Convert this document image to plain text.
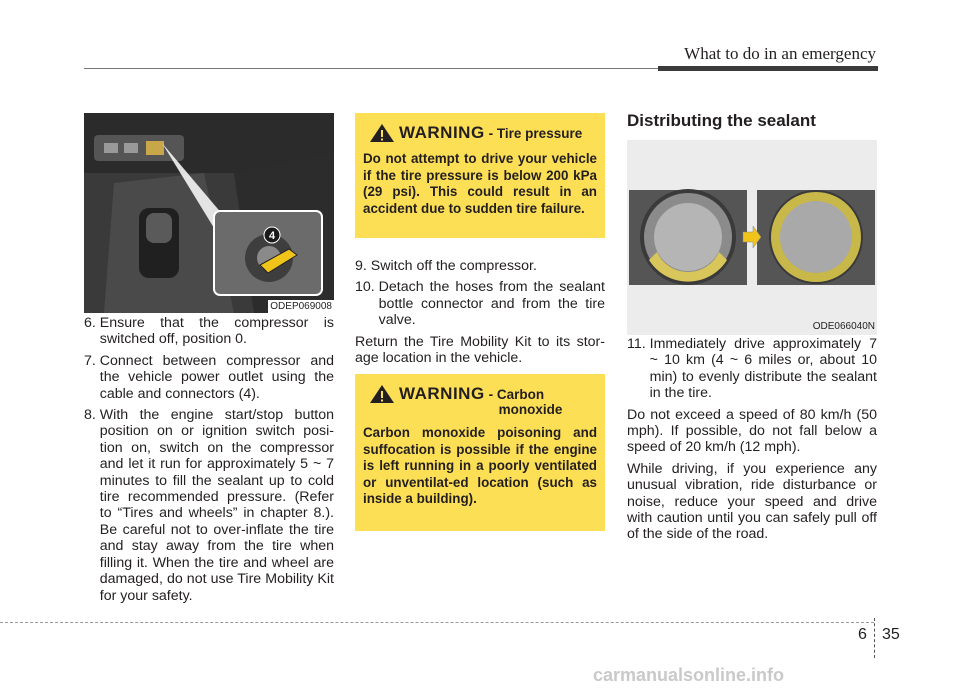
What to do in an emergency
4
ODEP069008
6. Ensure that the compressor is switched off, position 0.
7. Connect between compressor and the vehicle power outlet using the cable and connectors (4).
8. With the engine start/stop button position on or ignition switch posi-tion on, switch on the compressor and let it run for approximately 5 ~ 7 minutes to fill the sealant up to cold tire recommended pressure. (Refer to “Tires and wheels” in chapter 8.). Be careful not to over-inflate the tire and stay away from the tire when filling it. When the tire and wheel are damaged, do not use Tire Mobility Kit for your safety.
WARNING - Tire pressure
Do not attempt to drive your vehicle if the tire pressure is below 200 kPa (29 psi). This could result in an accident due to sudden tire failure.
9. Switch off the compressor.
10. Detach the hoses from the sealant bottle connector and from the tire valve.

Return the Tire Mobility Kit to its stor-age location in the vehicle.

WARNING - Carbon
monoxide
Carbon monoxide poisoning and suffocation is possible if the engine is left running in a poorly ventilated or unventilat-ed location (such as inside a building).
Distributing the sealant
ODE066040N
11. Immediately drive approximately 7 ~ 10 km (4 ~ 6 miles or, about 10 min) to evenly distribute the sealant in the tire.

Do not exceed a speed of 80 km/h (50 mph). If possible, do not fall below a speed of 20 km/h (12 mph).

While driving, if you experience any unusual vibration, ride disturbance or noise, reduce your speed and drive with caution until you can safely pull off of the side of the road.

6 35
carmanualsonline.info
